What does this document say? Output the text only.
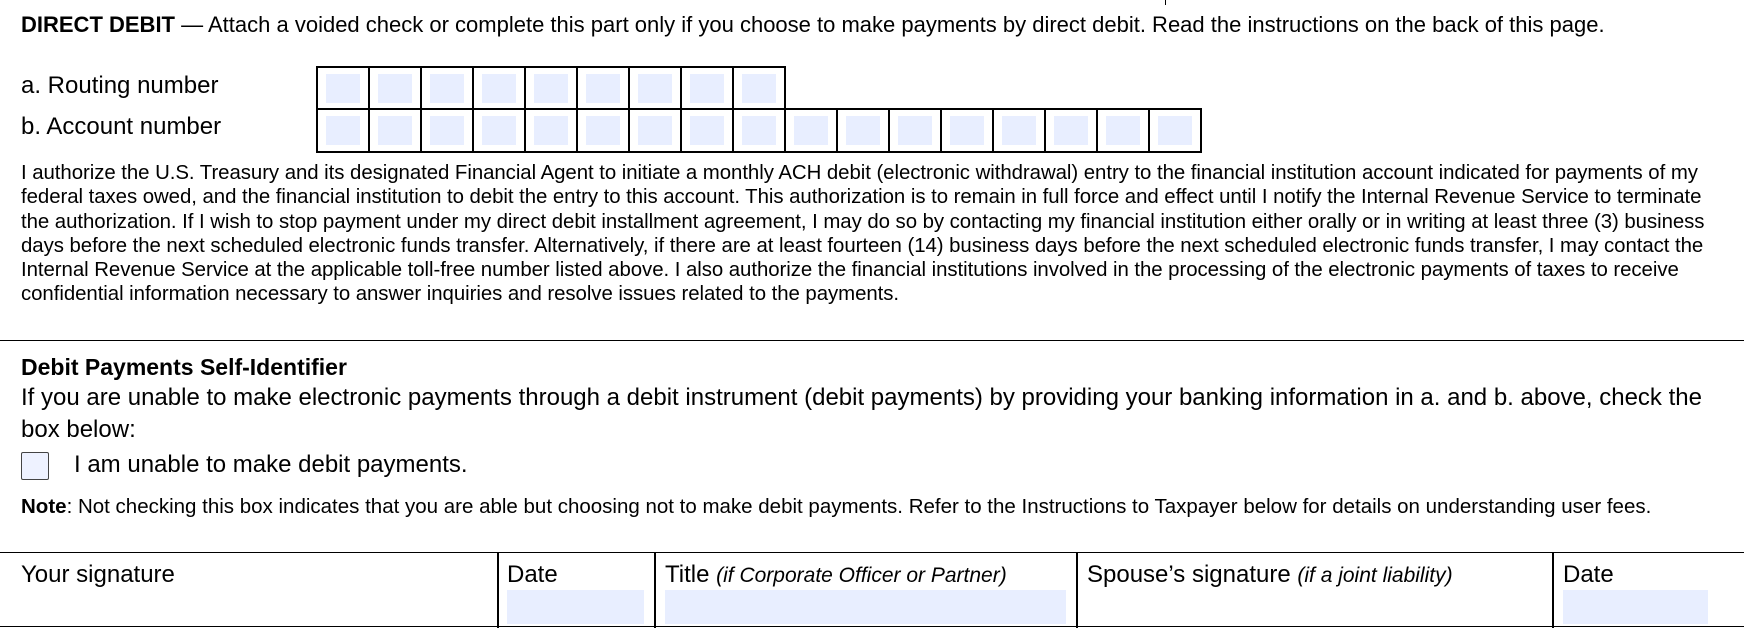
DIRECT DEBIT — Attach a voided check or complete this part only if you choose to make payments by direct debit. Read the instructions on the back of this page.
a. Routing number
b. Account number
I authorize the U.S. Treasury and its designated Financial Agent to initiate a monthly ACH debit (electronic withdrawal) entry to the financial institution account indicated for payments of my federal taxes owed, and the financial institution to debit the entry to this account. This authorization is to remain in full force and effect until I notify the Internal Revenue Service to terminate the authorization. If I wish to stop payment under my direct debit installment agreement, I may do so by contacting my financial institution either orally or in writing at least three (3) business days before the next scheduled electronic funds transfer. Alternatively, if there are at least fourteen (14) business days before the next scheduled electronic funds transfer, I may contact the Internal Revenue Service at the applicable toll-free number listed above. I also authorize the financial institutions involved in the processing of the electronic payments of taxes to receive confidential information necessary to answer inquiries and resolve issues related to the payments.
Debit Payments Self-Identifier
If you are unable to make electronic payments through a debit instrument (debit payments) by providing your banking information in a. and b. above, check the box below:
I am unable to make debit payments.
Note: Not checking this box indicates that you are able but choosing not to make debit payments. Refer to the Instructions to Taxpayer below for details on understanding user fees.
Your signature	Date	Title (if Corporate Officer or Partner)	Spouse’s signature (if a joint liability)	Date
